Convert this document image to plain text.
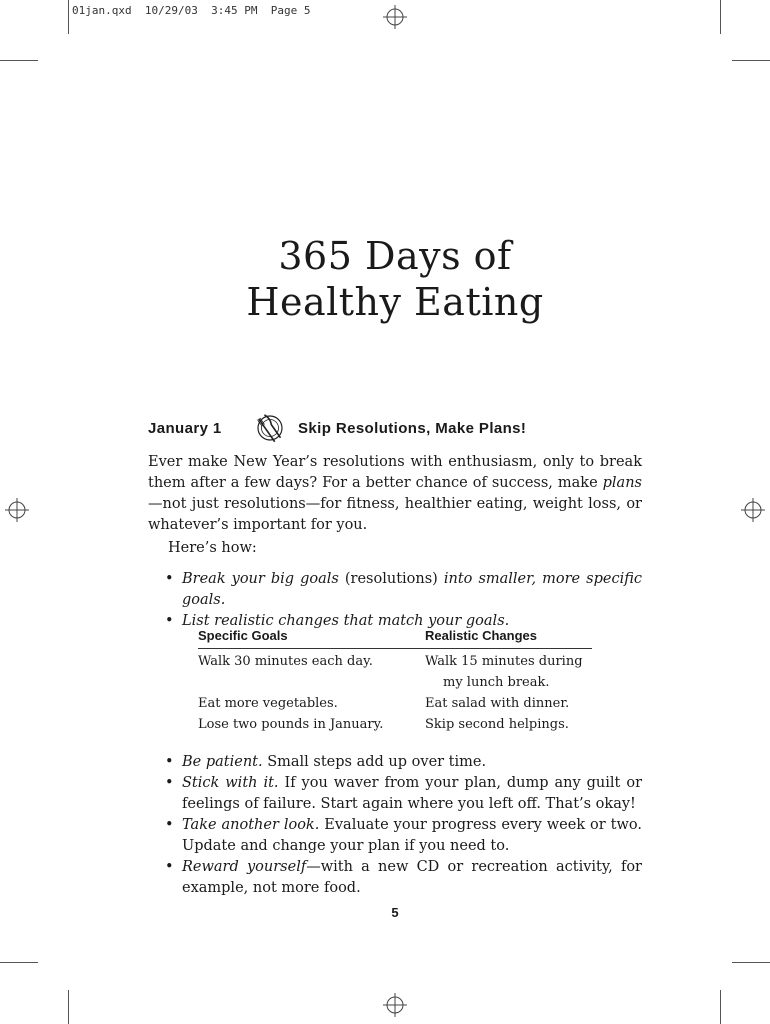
01jan.qxd 10/29/03 3:45 PM Page 5
365 Days of
Healthy Eating
January 1	Skip Resolutions, Make Plans!

Ever make New Year’s resolutions with enthusiasm, only to break them after a few days? For a better chance of success, make plans—not just resolutions—for fitness, healthier eating, weight loss, or whatever’s important for you.

Here’s how:
• Break your big goals (resolutions) into smaller, more specific goals.
• List realistic changes that match your goals.
Specific Goals	Realistic Changes
Walk 30 minutes each day.	Walk 15 minutes during
my lunch break.
Eat more vegetables.	Eat salad with dinner.
Lose two pounds in January.	Skip second helpings.
• Be patient. Small steps add up over time.
• Stick with it. If you waver from your plan, dump any guilt or feelings of failure. Start again where you left off. That’s okay!
• Take another look. Evaluate your progress every week or two. Update and change your plan if you need to.
• Reward yourself—with a new CD or recreation activity, for example, not more food.
5
